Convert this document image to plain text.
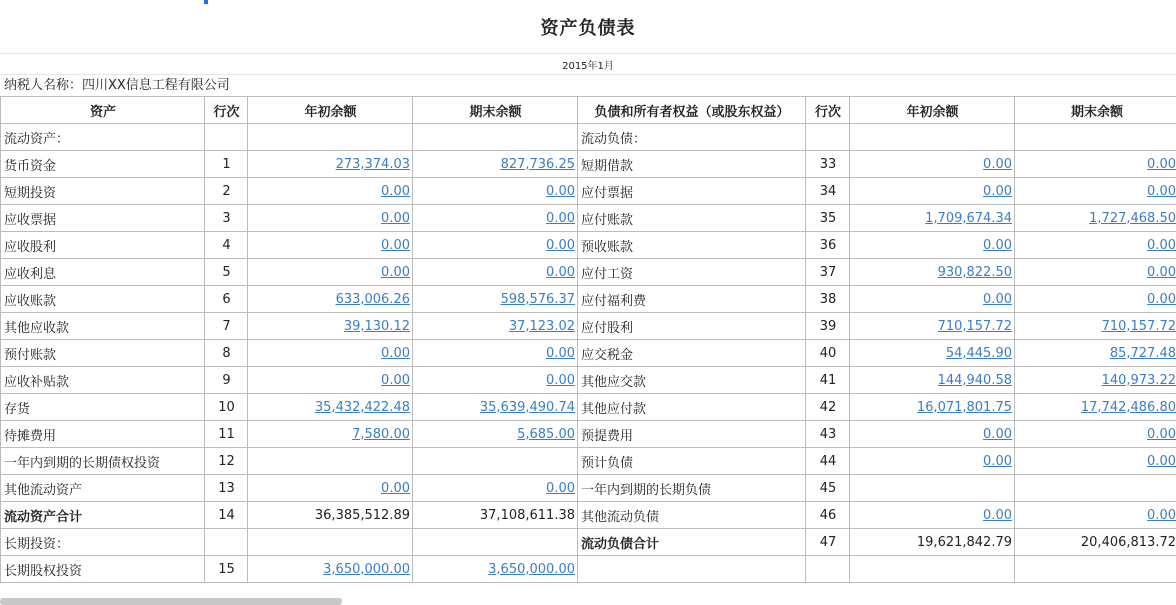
资产负债表
2015年1月
纳税人名称：四川XX信息工程有限公司
资产	行次	年初余额	期末余额	负债和所有者权益（或股东权益）	行次	年初余额	期末余额
流动资产：				流动负债：			
货币资金	1	273,374.03	827,736.25	短期借款	33	0.00	0.00
短期投资	2	0.00	0.00	应付票据	34	0.00	0.00
应收票据	3	0.00	0.00	应付账款	35	1,709,674.34	1,727,468.50
应收股利	4	0.00	0.00	预收账款	36	0.00	0.00
应收利息	5	0.00	0.00	应付工资	37	930,822.50	0.00
应收账款	6	633,006.26	598,576.37	应付福利费	38	0.00	0.00
其他应收款	7	39,130.12	37,123.02	应付股利	39	710,157.72	710,157.72
预付账款	8	0.00	0.00	应交税金	40	54,445.90	85,727.48
应收补贴款	9	0.00	0.00	其他应交款	41	144,940.58	140,973.22
存货	10	35,432,422.48	35,639,490.74	其他应付款	42	16,071,801.75	17,742,486.80
待摊费用	11	7,580.00	5,685.00	预提费用	43	0.00	0.00
一年内到期的长期债权投资	12			预计负债	44	0.00	0.00
其他流动资产	13	0.00	0.00	一年内到期的长期负债	45		
流动资产合计	14	36,385,512.89	37,108,611.38	其他流动负债	46	0.00	0.00
长期投资：				流动负债合计	47	19,621,842.79	20,406,813.72
长期股权投资	15	3,650,000.00	3,650,000.00				
